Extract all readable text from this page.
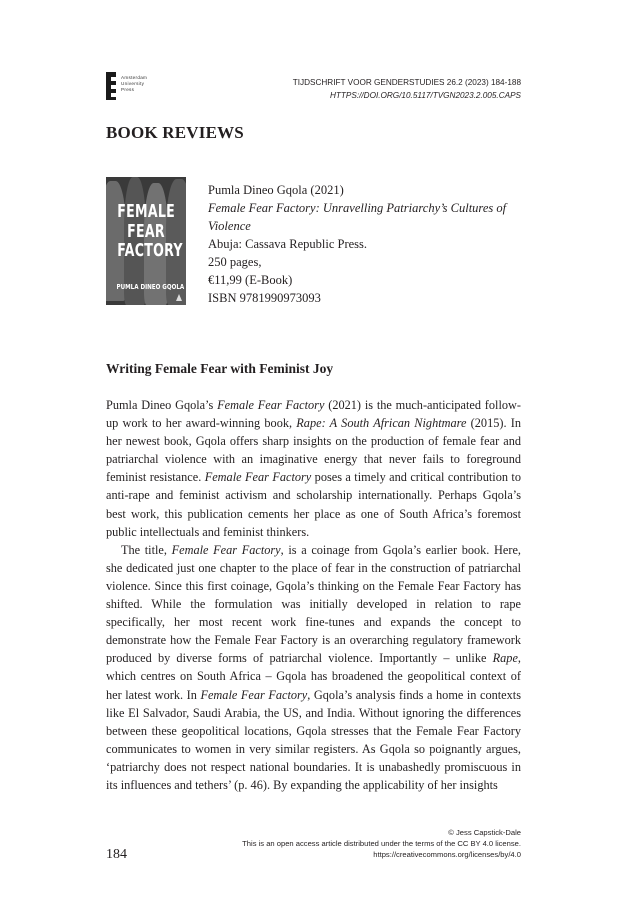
Amsterdam
University
Press
TIJDSCHRIFT VOOR GENDERSTUDIES 26.2 (2023) 184-188
HTTPS://DOI.ORG/10.5117/TVGN2023.2.005.CAPS
BOOK REVIEWS
FEMALE
FEAR
FACTORY
PUMLA DINEO GQOLA
Pumla Dineo Gqola (2021)
Female Fear Factory: Unravelling Patriarchy’s Cultures of Violence
Abuja: Cassava Republic Press.
250 pages,
€11,99 (E-Book)
ISBN 9781990973093
Writing Female Fear with Feminist Joy

Pumla Dineo Gqola’s Female Fear Factory (2021) is the much-anticipated follow-up work to her award-winning book, Rape: A South African Nightmare (2015). In her newest book, Gqola offers sharp insights on the production of female fear and patriarchal violence with an imaginative energy that never fails to foreground feminist resistance. Female Fear Factory poses a timely and critical contribution to anti-rape and feminist activism and scholarship internationally. Perhaps Gqola’s best work, this publication cements her place as one of South Africa’s foremost public intellectuals and feminist thinkers.

The title, Female Fear Factory, is a coinage from Gqola’s earlier book. Here, she dedicated just one chapter to the place of fear in the construction of patriarchal violence. Since this first coinage, Gqola’s thinking on the Female Fear Factory has shifted. While the formulation was initially developed in relation to rape specifically, her most recent work fine-tunes and expands the concept to demonstrate how the Female Fear Factory is an overarching regulatory framework produced by diverse forms of patriarchal violence. Importantly – unlike Rape, which centres on South Africa – Gqola has broadened the geopolitical context of her latest work. In Female Fear Factory, Gqola’s analysis finds a home in contexts like El Salvador, Saudi Arabia, the US, and India. Without ignoring the differences between these geopolitical locations, Gqola stresses that the Female Fear Factory communicates to women in very similar registers. As Gqola so poignantly argues, ‘patriarchy does not respect national boundaries. It is unabashedly promiscuous in its influences and tethers’ (p. 46). By expanding the applicability of her insights

184
© Jess Capstick-Dale
This is an open access article distributed under the terms of the CC BY 4.0 license.
https://creativecommons.org/licenses/by/4.0
